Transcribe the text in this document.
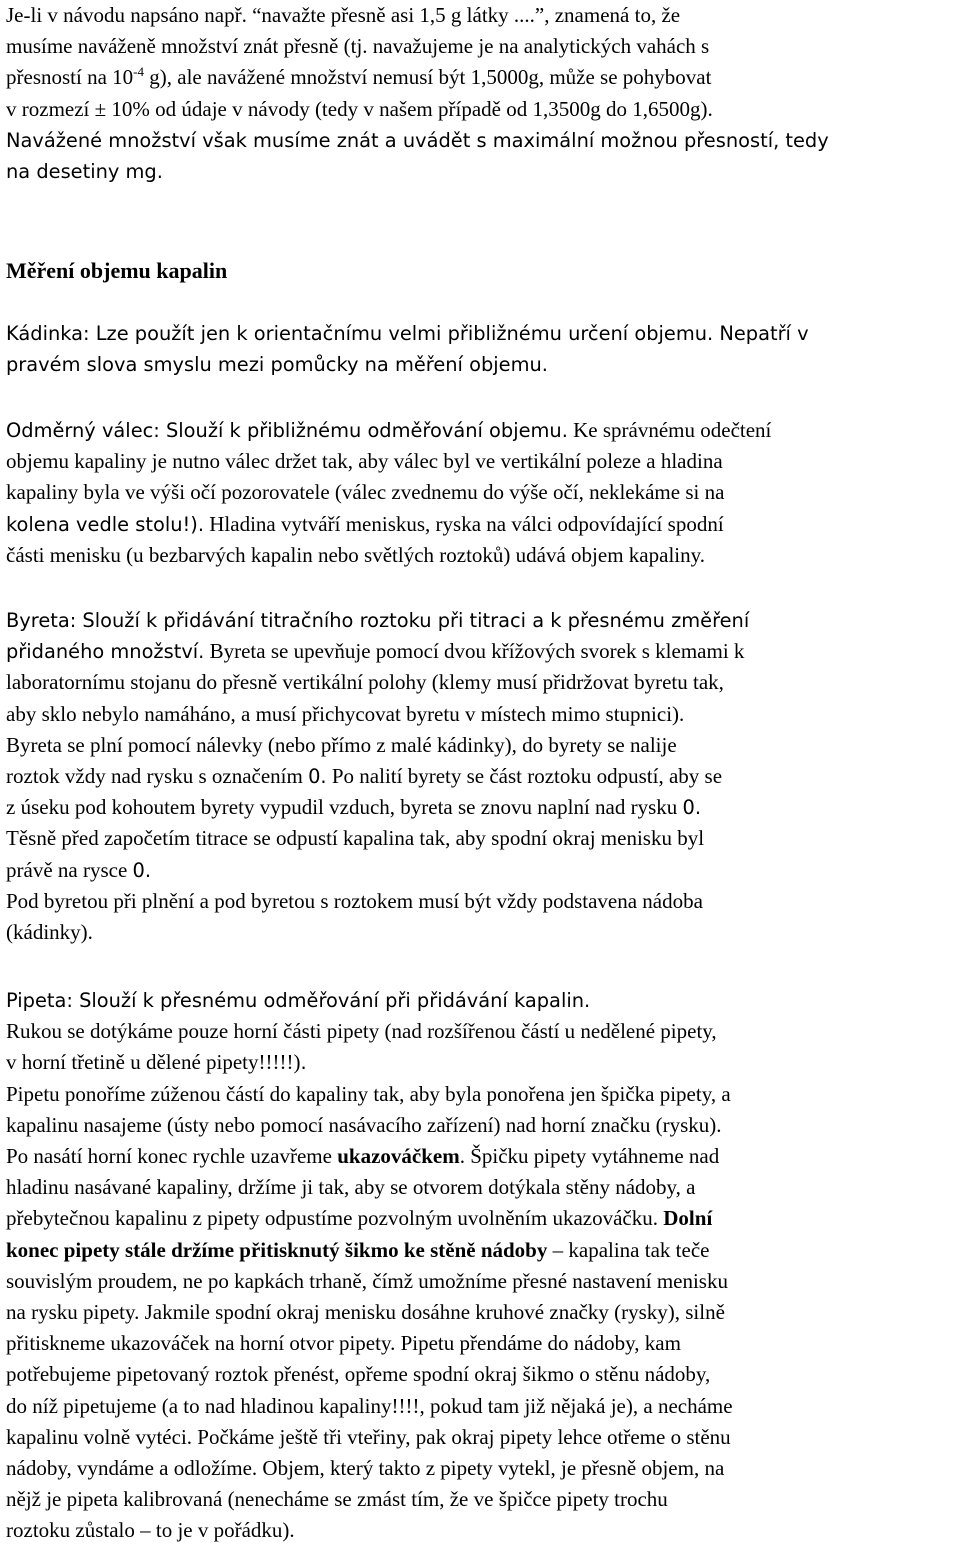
Je-li v návodu napsáno např. “navažte přesně asi 1,5 g látky ....”, znamená to, že

musíme naváženě množství znát přesně (tj. navažujeme je na analytických vahách s

přesností na $10^{-4}$ g), ale navážené množství nemusí být 1,5000g, může se pohybovat

v rozmezí ± 10% od údaje v návody (tedy v našem případě od 1,3500g do 1,6500g).

Navážené množství však musíme znát a uvádět s maximální možnou přesností, tedy

na desetiny mg.

Měření objemu kapalin

Kádinka: Lze použít jen k orientačnímu velmi přibližnému určení objemu. Nepatří v

pravém slova smyslu mezi pomůcky na měření objemu.

Odměrný válec: Slouží k přibližnému odměřování objemu. Ke správnému odečtení

objemu kapaliny je nutno válec držet tak, aby válec byl ve vertikální poleze a hladina

kapaliny byla ve výši očí pozorovatele (válec zvednemu do výše očí, neklekáme si na

kolena vedle stolu!). Hladina vytváří meniskus, ryska na válci odpovídající spodní

části menisku (u bezbarvých kapalin nebo světlých roztoků) udává objem kapaliny.

Byreta: Slouží k přidávání titračního roztoku při titraci a k přesnému změření

přidaného množství. Byreta se upevňuje pomocí dvou křížových svorek s klemami k

laboratornímu stojanu do přesně vertikální polohy (klemy musí přidržovat byretu tak,

aby sklo nebylo namáháno, a musí přichycovat byretu v místech mimo stupnici).

Byreta se plní pomocí nálevky (nebo přímo z malé kádinky), do byrety se nalije

roztok vždy nad rysku s označením 0. Po nalití byrety se část roztoku odpustí, aby se

z úseku pod kohoutem byrety vypudil vzduch, byreta se znovu naplní nad rysku 0.

Těsně před započetím titrace se odpustí kapalina tak, aby spodní okraj menisku byl

právě na rysce 0.

Pod byretou při plnění a pod byretou s roztokem musí být vždy podstavena nádoba

(kádinky).

Pipeta: Slouží k přesnému odměřování při přidávání kapalin.

Rukou se dotýkáme pouze horní části pipety (nad rozšířenou částí u nedělené pipety,

v horní třetině u dělené pipety!!!!!).

Pipetu ponoříme zúženou částí do kapaliny tak, aby byla ponořena jen špička pipety, a

kapalinu nasajeme (ústy nebo pomocí nasávacího zařízení) nad horní značku (rysku).

Po nasátí horní konec rychle uzavřeme ukazováčkem. Špičku pipety vytáhneme nad

hladinu nasávané kapaliny, držíme ji tak, aby se otvorem dotýkala stěny nádoby, a

přebytečnou kapalinu z pipety odpustíme pozvolným uvolněním ukazováčku. Dolní

konec pipety stále držíme přitisknutý šikmo ke stěně nádoby – kapalina tak teče

souvislým proudem, ne po kapkách trhaně, čímž umožníme přesné nastavení menisku

na rysku pipety. Jakmile spodní okraj menisku dosáhne kruhové značky (rysky), silně

přitiskneme ukazováček na horní otvor pipety. Pipetu přendáme do nádoby, kam

potřebujeme pipetovaný roztok přenést, opřeme spodní okraj šikmo o stěnu nádoby,

do níž pipetujeme (a to nad hladinou kapaliny!!!!, pokud tam již nějaká je), a necháme

kapalinu volně vytéci. Počkáme ještě tři vteřiny, pak okraj pipety lehce otřeme o stěnu

nádoby, vyndáme a odložíme. Objem, který takto z pipety vytekl, je přesně objem, na

nějž je pipeta kalibrovaná (nenecháme se zmást tím, že ve špičce pipety trochu

roztoku zůstalo – to je v pořádku).
